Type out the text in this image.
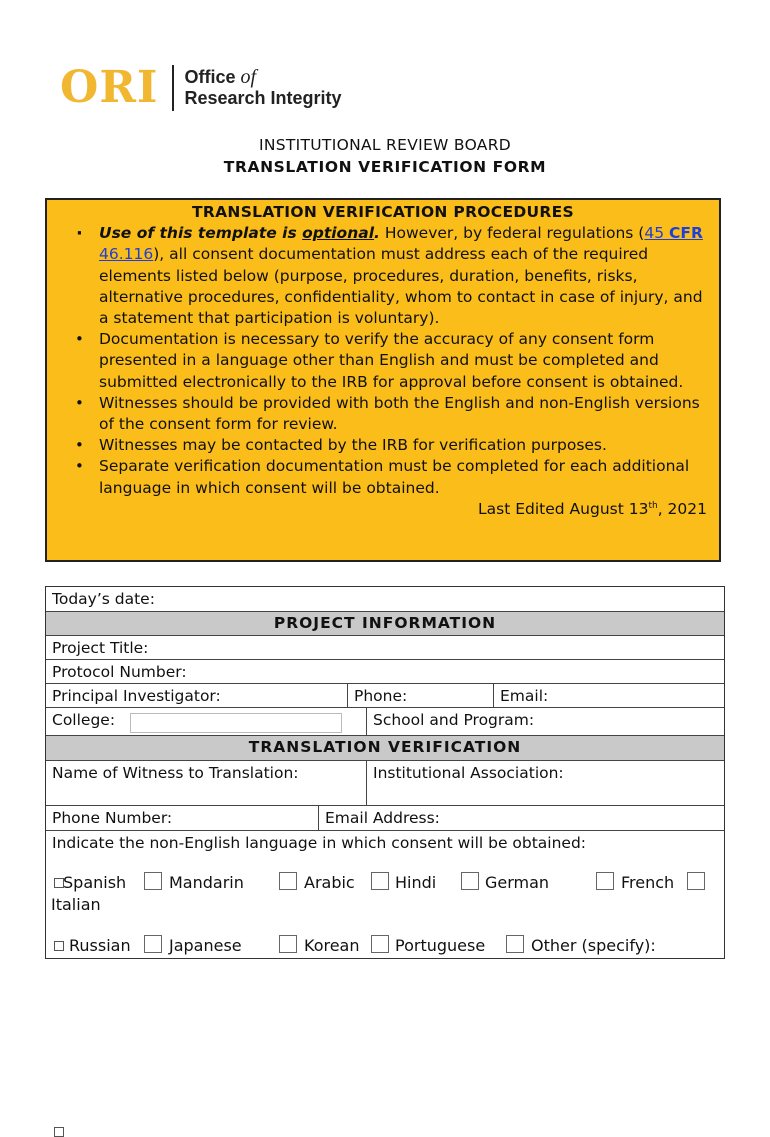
ORI Office of
Research Integrity
INSTITUTIONAL REVIEW BOARD
TRANSLATION VERIFICATION FORM
TRANSLATION VERIFICATION PROCEDURES
· Use of this template is optional. However, by federal regulations (45 CFR 46.116), all consent documentation must address each of the required elements listed below (purpose, procedures, duration, benefits, risks, alternative procedures, confidentiality, whom to contact in case of injury, and a statement that participation is voluntary).
• Documentation is necessary to verify the accuracy of any consent form presented in a language other than English and must be completed and submitted electronically to the IRB for approval before consent is obtained.
• Witnesses should be provided with both the English and non-English versions of the consent form for review.
• Witnesses may be contacted by the IRB for verification purposes.
• Separate verification documentation must be completed for each additional language in which consent will be obtained.
Last Edited August 13th, 2021
Today’s date:
PROJECT INFORMATION
Project Title:
Protocol Number:
Principal Investigator:	Phone:	Email:
College:	School and Program:
TRANSLATION VERIFICATION
Name of Witness to Translation:	Institutional Association:
Phone Number:	Email Address:
Indicate the non-English language in which consent will be obtained:
Spanish	Mandarin	Arabic	Hindi	German	French
Italian
Russian Japanese	Korean Portuguese	Other (specify):
